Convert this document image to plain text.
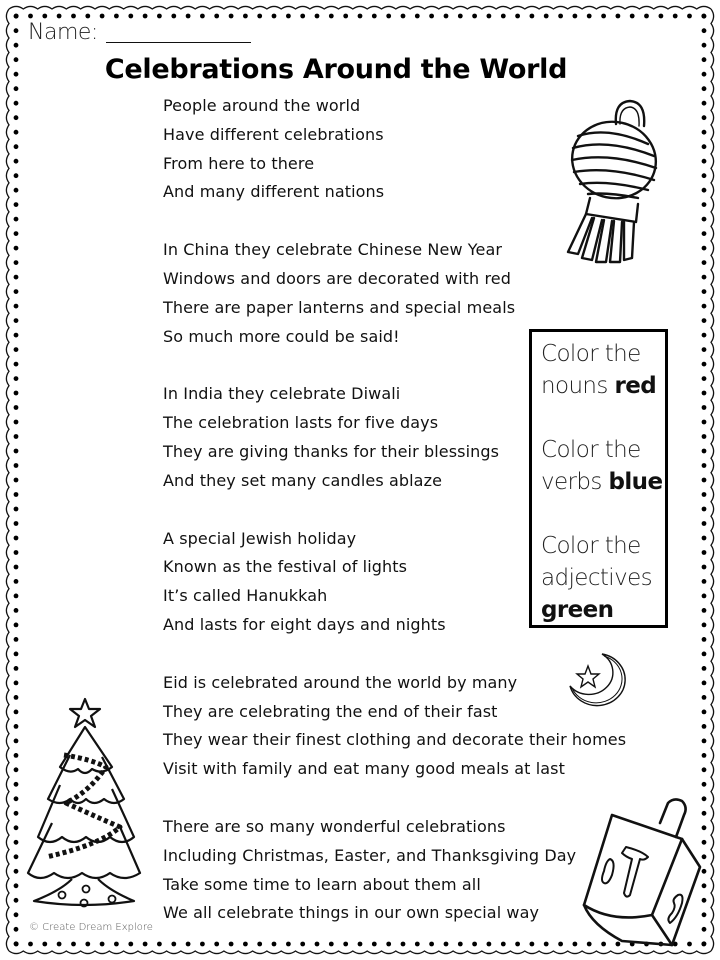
Name:
Celebrations Around the World
People around the world
Have different celebrations
From here to there
And many different nations
In China they celebrate Chinese New Year
Windows and doors are decorated with red
There are paper lanterns and special meals
So much more could be said!
In India they celebrate Diwali
The celebration lasts for five days
They are giving thanks for their blessings
And they set many candles ablaze
A special Jewish holiday
Known as the festival of lights
It’s called Hanukkah
And lasts for eight days and nights
Eid is celebrated around the world by many
They are celebrating the end of their fast
They wear their finest clothing and decorate their homes
Visit with family and eat many good meals at last
There are so many wonderful celebrations
Including Christmas, Easter, and Thanksgiving Day
Take some time to learn about them all
We all celebrate things in our own special way
Color the
nouns red
Color the
verbs blue
Color the
adjectives
green
© Create Dream Explore
